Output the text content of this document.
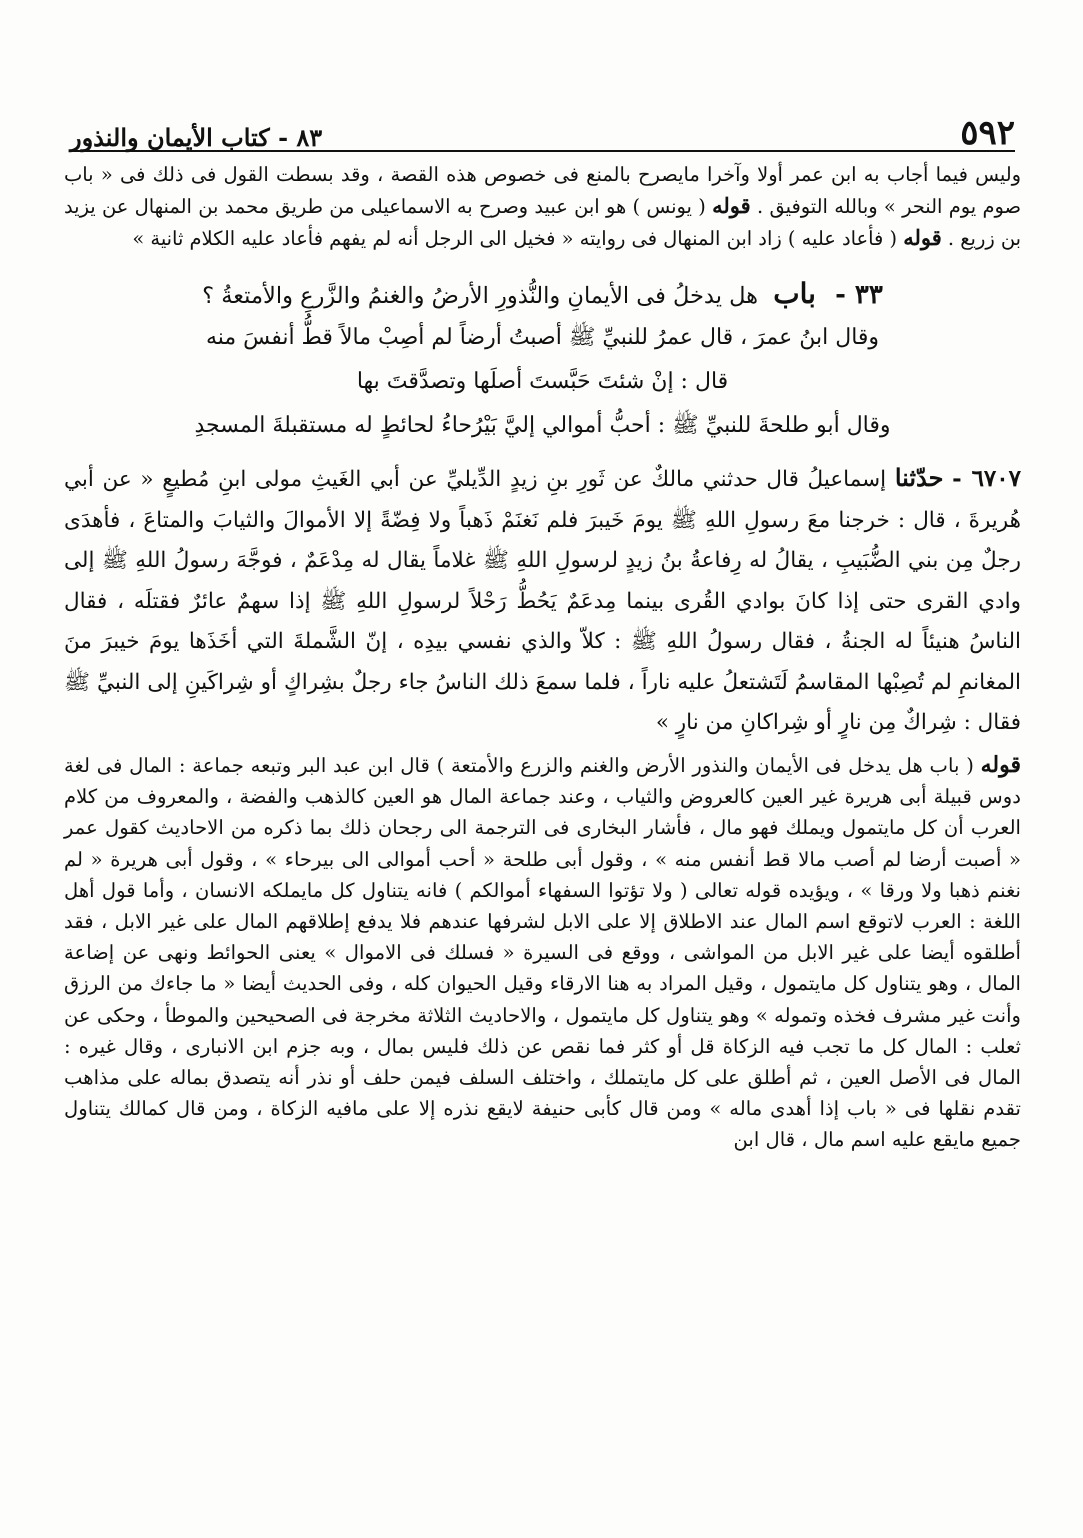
٥٩٢
٨٣ - كتاب الأيمان والنذور

وليس فيما أجاب به ابن عمر أولا وآخرا مايصرح بالمنع فى خصوص هذه القصة ، وقد بسطت القول فى ذلك فى « باب صوم يوم النحر » وبالله التوفيق . قوله ( يونس ) هو ابن عبيد وصرح به الاسماعيلى من طريق محمد بن المنهال عن يزيد بن زريع . قوله ( فأعاد عليه ) زاد ابن المنهال فى روايته « فخيل الى الرجل أنه لم يفهم فأعاد عليه الكلام ثانية »

٣٣ - باب هل يدخلُ فى الأيمانِ والنُّذورِ الأرضُ والغنمُ والزَّرعِ والأمتعةُ ؟

وقال ابنُ عمرَ ، قال عمرُ للنبيِّ ﷺ أصبتُ أرضاً لم أصِبْ مالاً قطُّ أنفسَ منه

قال : إنْ شئتَ حَبَّستَ أصلَها وتصدَّقتَ بها

وقال أبو طلحةَ للنبيِّ ﷺ : أحبُّ أموالي إليَّ بَيْرُحاءُ لحائطٍ له مستقبلةَ المسجدِ

٦٧٠٧ - حدّثنا إسماعيلُ قال حدثني مالكٌ عن ثَورِ بنِ زيدٍ الدِّيليِّ عن أبي الغَيثِ مولى ابنِ مُطيعٍ « عن أبي هُريرةَ ، قال : خرجنا معَ رسولِ اللهِ ﷺ يومَ خَيبرَ فلم نَغنَمْ ذَهباً ولا فِضّةً إلا الأموالَ والثيابَ والمتاعَ ، فأهدَى رجلٌ مِن بني الضُّبَيبِ ، يقالُ له رِفاعةُ بنُ زيدٍ لرسولِ اللهِ ﷺ غلاماً يقال له مِدْعَمٌ ، فوجَّهَ رسولُ اللهِ ﷺ إلى وادي القرى حتى إذا كانَ بوادي القُرى بينما مِدعَمٌ يَحُطُّ رَحْلاً لرسولِ اللهِ ﷺ إذا سهمٌ عائرٌ فقتلَه ، فقال الناسُ هنيئاً له الجنةُ ، فقال رسولُ اللهِ ﷺ : كلاّ والذي نفسي بيدِه ، إنّ الشَّملةَ التي أخَذَها يومَ خيبرَ منَ المغانمِ لم تُصِبْها المقاسمُ لَتَشتعلُ عليه ناراً ، فلما سمعَ ذلك الناسُ جاء رجلٌ بشِراكٍ أو شِراكَينِ إلى النبيِّ ﷺ فقال : شِراكٌ مِن نارٍ أو شِراكانِ من نارٍ »

قوله ( باب هل يدخل فى الأيمان والنذور الأرض والغنم والزرع والأمتعة ) قال ابن عبد البر وتبعه جماعة : المال فى لغة دوس قبيلة أبى هريرة غير العين كالعروض والثياب ، وعند جماعة المال هو العين كالذهب والفضة ، والمعروف من كلام العرب أن كل مايتمول ويملك فهو مال ، فأشار البخارى فى الترجمة الى رجحان ذلك بما ذكره من الاحاديث كقول عمر « أصبت أرضا لم أصب مالا قط أنفس منه » ، وقول أبى طلحة « أحب أموالى الى بيرحاء » ، وقول أبى هريرة « لم نغنم ذهبا ولا ورقا » ، ويؤيده قوله تعالى ( ولا تؤتوا السفهاء أموالكم ) فانه يتناول كل مايملكه الانسان ، وأما قول أهل اللغة : العرب لاتوقع اسم المال عند الاطلاق إلا على الابل لشرفها عندهم فلا يدفع إطلاقهم المال على غير الابل ، فقد أطلقوه أيضا على غير الابل من المواشى ، ووقع فى السيرة « فسلك فى الاموال » يعنى الحوائط ونهى عن إضاعة المال ، وهو يتناول كل مايتمول ، وقيل المراد به هنا الارقاء وقيل الحيوان كله ، وفى الحديث أيضا « ما جاءك من الرزق وأنت غير مشرف فخذه وتموله » وهو يتناول كل مايتمول ، والاحاديث الثلاثة مخرجة فى الصحيحين والموطأ ، وحكى عن ثعلب : المال كل ما تجب فيه الزكاة قل أو كثر فما نقص عن ذلك فليس بمال ، وبه جزم ابن الانبارى ، وقال غيره : المال فى الأصل العين ، ثم أطلق على كل مايتملك ، واختلف السلف فيمن حلف أو نذر أنه يتصدق بماله على مذاهب تقدم نقلها فى « باب إذا أهدى ماله » ومن قال كأبى حنيفة لايقع نذره إلا على مافيه الزكاة ، ومن قال كمالك يتناول جميع مايقع عليه اسم مال ، قال ابن
